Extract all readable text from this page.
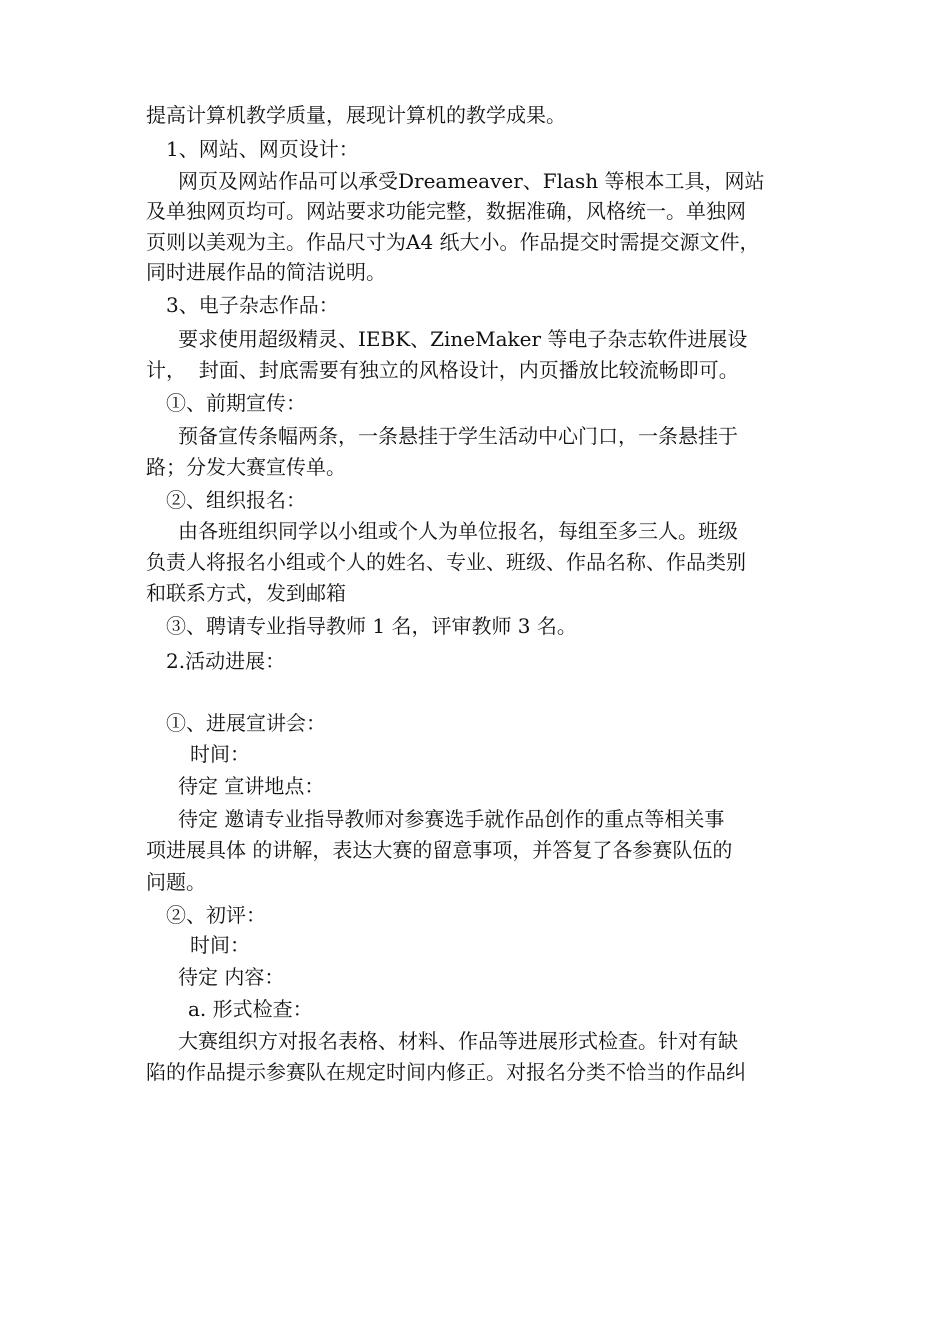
提高计算机教学质量，展现计算机的教学成果。
1、网站、网页设计：
网页及网站作品可以承受Dreameaver、Flash 等根本工具，网站
及单独网页均可。网站要求功能完整，数据准确，风格统一。单独网
页则以美观为主。作品尺寸为A4 纸大小。作品提交时需提交源文件，
同时进展作品的简洁说明。
3、电子杂志作品：
要求使用超级精灵、IEBK、ZineMaker 等电子杂志软件进展设
计，  封面、封底需要有独立的风格设计，内页播放比较流畅即可。
①、前期宣传：
预备宣传条幅两条，一条悬挂于学生活动中心门口，一条悬挂于
路；分发大赛宣传单。
②、组织报名：
由各班组织同学以小组或个人为单位报名，每组至多三人。班级
负责人将报名小组或个人的姓名、专业、班级、作品名称、作品类别
和联系方式，发到邮箱
③、聘请专业指导教师 1 名，评审教师 3 名。
2.活动进展：
①、进展宣讲会：
时间：
待定 宣讲地点：
待定 邀请专业指导教师对参赛选手就作品创作的重点等相关事
项进展具体 的讲解，表达大赛的留意事项，并答复了各参赛队伍的
问题。
②、初评：
时间：
待定 内容：
a. 形式检查：
大赛组织方对报名表格、材料、作品等进展形式检查。针对有缺
陷的作品提示参赛队在规定时间内修正。对报名分类不恰当的作品纠
